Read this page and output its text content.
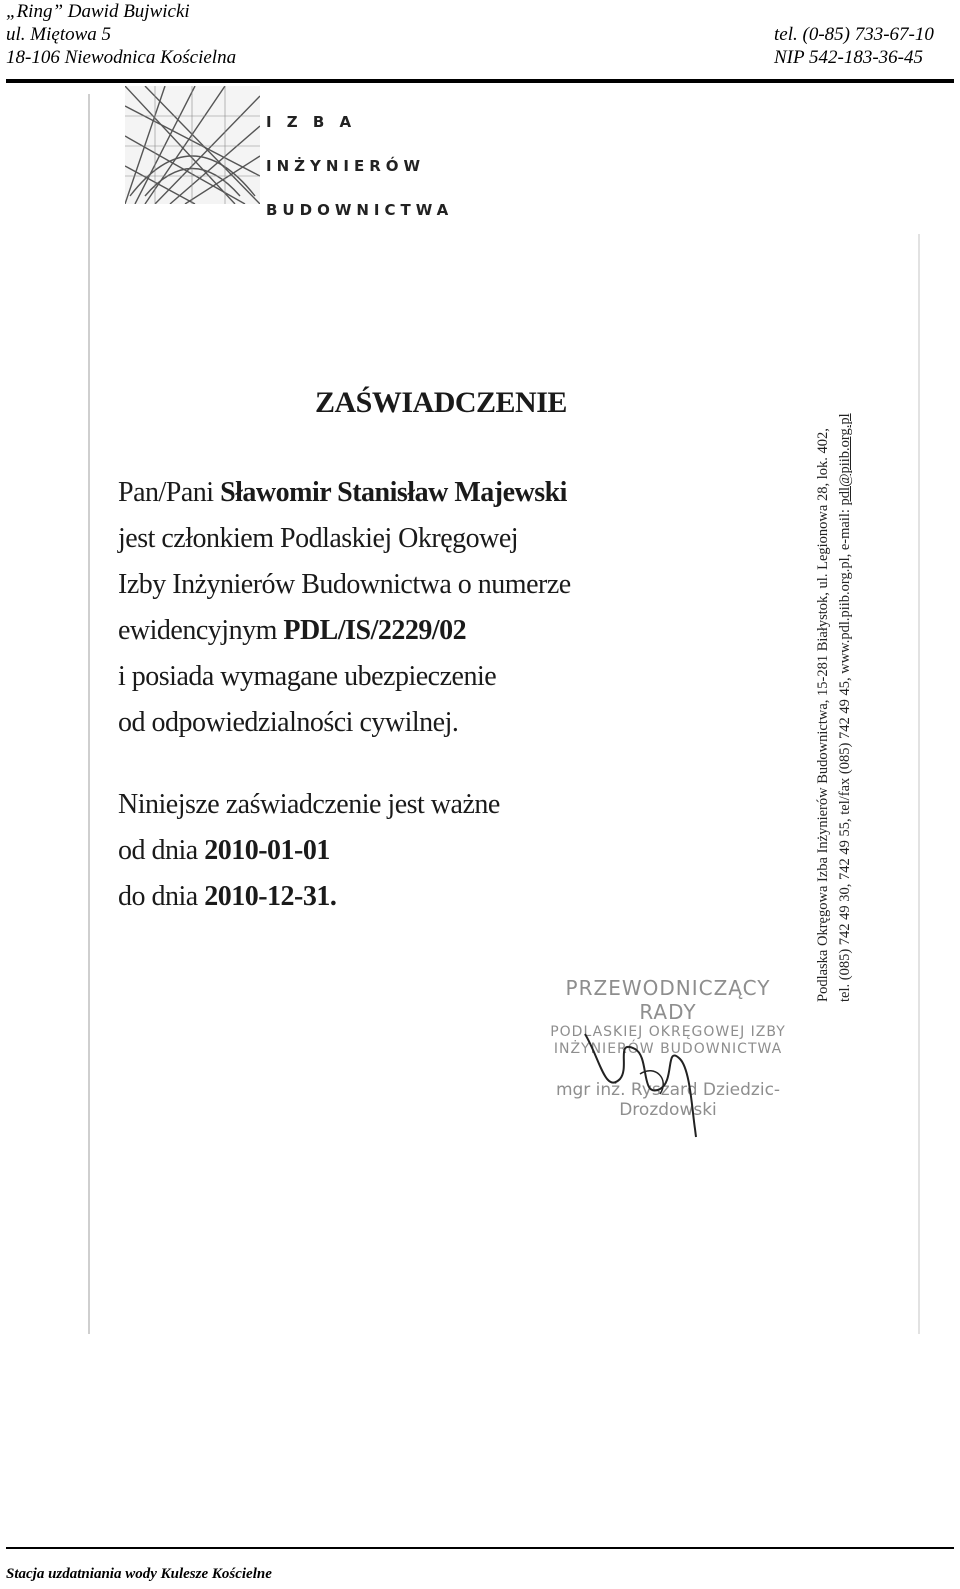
„Ring” Dawid Bujwicki
ul. Miętowa 5	tel. (0-85) 733-67-10
18-106 Niewodnica Kościelna	NIP 542-183-36-45
I Z B A
INŻYNIERÓW
BUDOWNICTWA
ZAŚWIADCZENIE
Pan/Pani Sławomir Stanisław Majewski
jest członkiem Podlaskiej Okręgowej
Izby Inżynierów Budownictwa o numerze
ewidencyjnym PDL/IS/2229/02
i posiada wymagane ubezpieczenie
od odpowiedzialności cywilnej.
Niniejsze zaświadczenie jest ważne
od dnia 2010-01-01
do dnia 2010-12-31.	Podlaska Okręgowa Izba Inżynierów Budownictwa, 15-281 Białystok, ul. Legionowa 28, lok. 402, tel. (085) 742 49 30, 742 49 55, tel/fax (085) 742 49 45, www.pdl.piib.org.pl, e-mail: pdl@piib.org.pl
PRZEWODNICZĄCY RADY
PODLASKIEJ OKRĘGOWEJ IZBY
INŻYNIERÓW BUDOWNICTWA
mgr inż. Ryszard Dziedzic-Drozdowski
Stacja uzdatniania wody Kulesze Kościelne
